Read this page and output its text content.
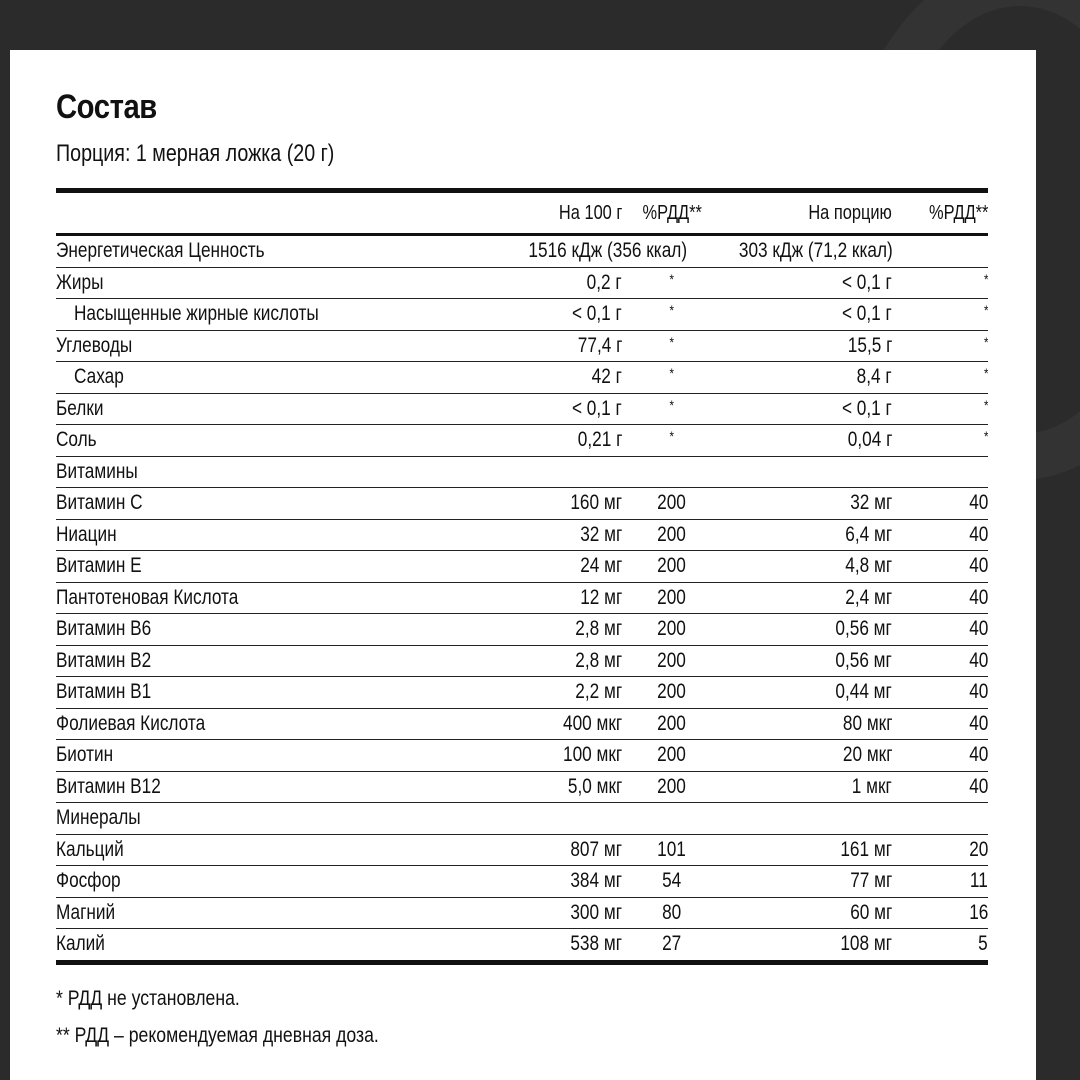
Состав
Порция: 1 мерная ложка (20 г)
	На 100 г	%РДД**	На порцию	%РДД**
Энергетическая Ценность	1516 кДж (356 ккал)		303 кДж (71,2 ккал)	
Жиры	0,2 г	*	< 0,1 г	*
Насыщенные жирные кислоты	< 0,1 г	*	< 0,1 г	*
Углеводы	77,4 г	*	15,5 г	*
Сахар	42 г	*	8,4 г	*
Белки	< 0,1 г	*	< 0,1 г	*
Соль	0,21 г	*	0,04 г	*
Витамины				
Витамин С	160 мг	200	32 мг	40
Ниацин	32 мг	200	6,4 мг	40
Витамин Е	24 мг	200	4,8 мг	40
Пантотеновая Кислота	12 мг	200	2,4 мг	40
Витамин В6	2,8 мг	200	0,56 мг	40
Витамин В2	2,8 мг	200	0,56 мг	40
Витамин В1	2,2 мг	200	0,44 мг	40
Фолиевая Кислота	400 мкг	200	80 мкг	40
Биотин	100 мкг	200	20 мкг	40
Витамин В12	5,0 мкг	200	1 мкг	40
Минералы				
Кальций	807 мг	101	161 мг	20
Фосфор	384 мг	54	77 мг	11
Магний	300 мг	80	60 мг	16
Калий	538 мг	27	108 мг	5
* РДД не установлена.
** РДД – рекомендуемая дневная доза.
